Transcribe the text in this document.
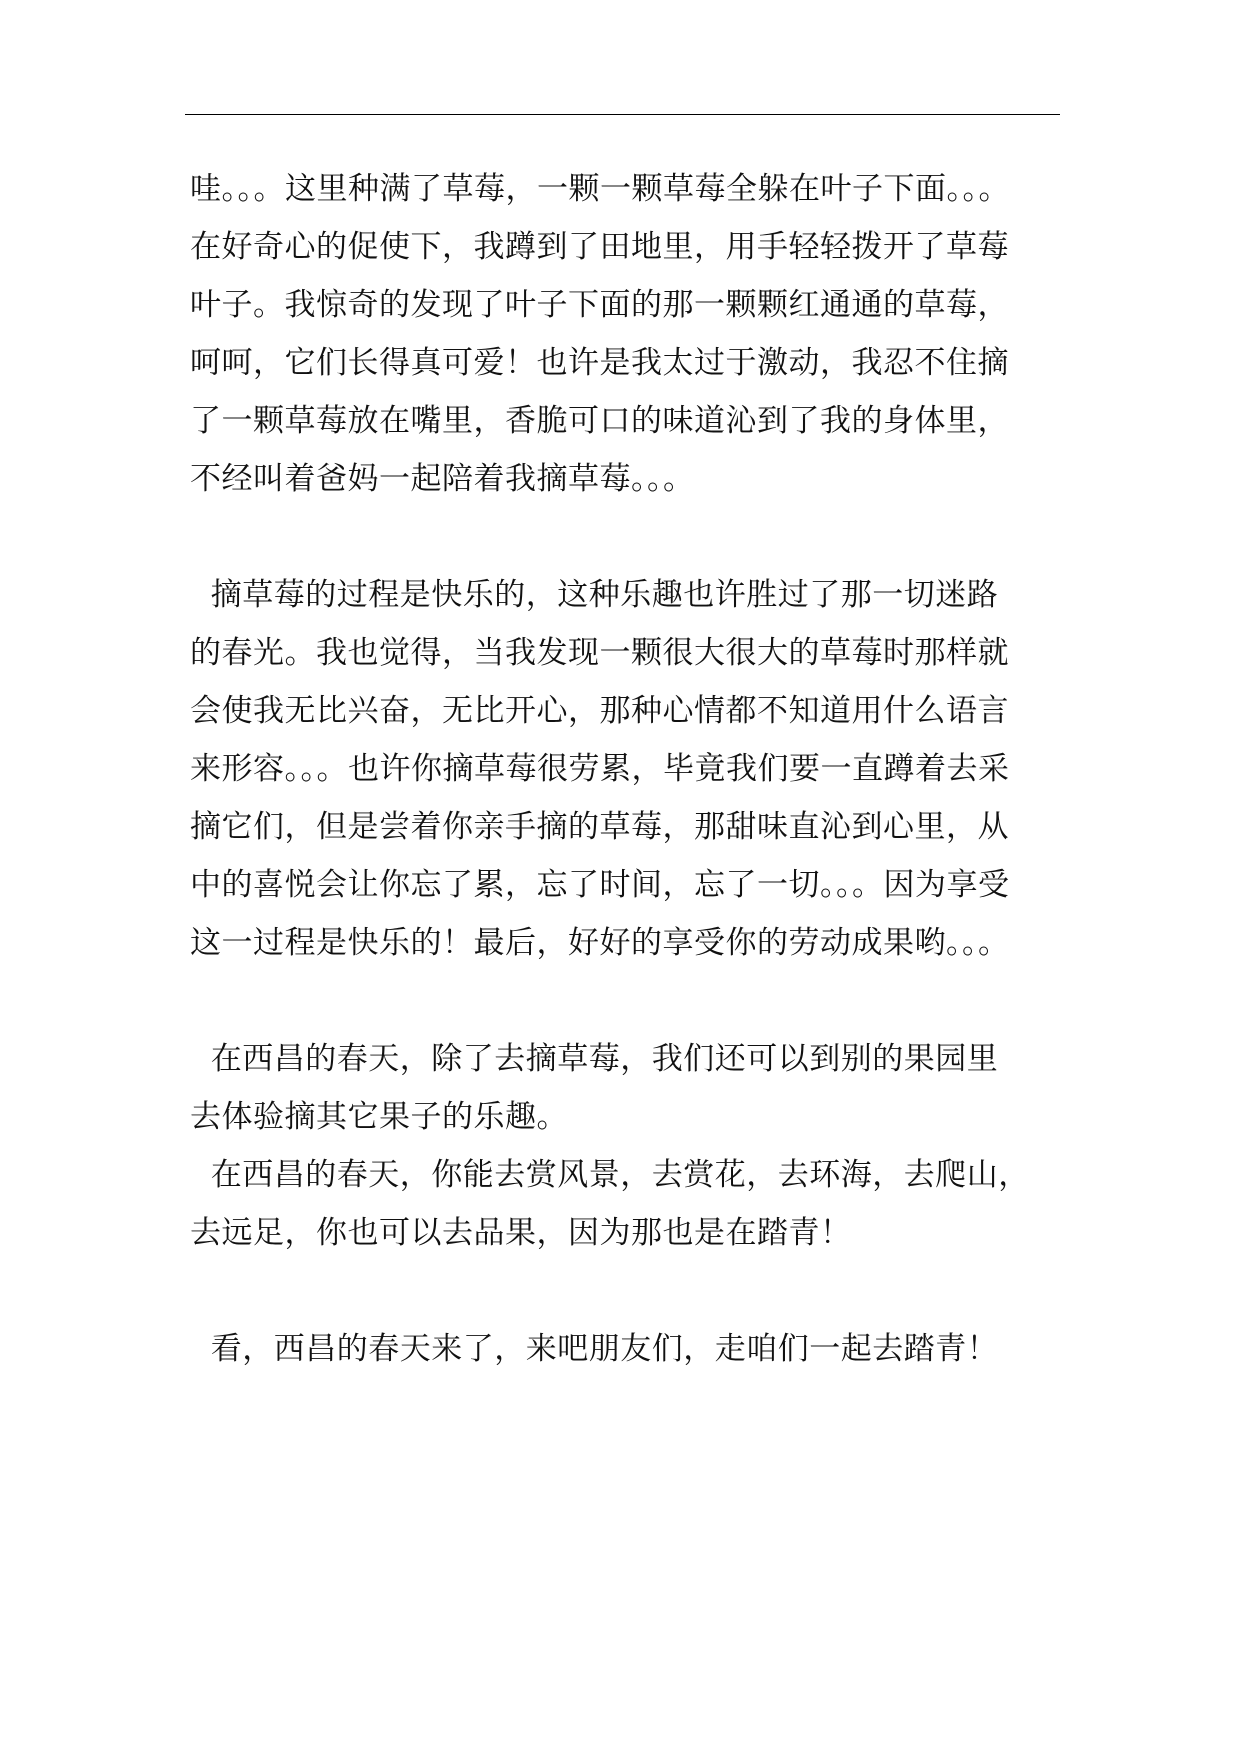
哇。。。这里种满了草莓，一颗一颗草莓全躲在叶子下面。。。
在好奇心的促使下，我蹲到了田地里，用手轻轻拨开了草莓
叶子。我惊奇的发现了叶子下面的那一颗颗红通通的草莓，
呵呵，它们长得真可爱！也许是我太过于激动，我忍不住摘
了一颗草莓放在嘴里，香脆可口的味道沁到了我的身体里，
不经叫着爸妈一起陪着我摘草莓。。。
摘草莓的过程是快乐的，这种乐趣也许胜过了那一切迷路
的春光。我也觉得，当我发现一颗很大很大的草莓时那样就
会使我无比兴奋，无比开心，那种心情都不知道用什么语言
来形容。。。也许你摘草莓很劳累，毕竟我们要一直蹲着去采
摘它们，但是尝着你亲手摘的草莓，那甜味直沁到心里，从
中的喜悦会让你忘了累，忘了时间，忘了一切。。。因为享受
这一过程是快乐的！最后，好好的享受你的劳动成果哟。。。
在西昌的春天，除了去摘草莓，我们还可以到别的果园里
去体验摘其它果子的乐趣。
在西昌的春天，你能去赏风景，去赏花，去环海，去爬山，
去远足，你也可以去品果，因为那也是在踏青！
看，西昌的春天来了，来吧朋友们，走咱们一起去踏青！
